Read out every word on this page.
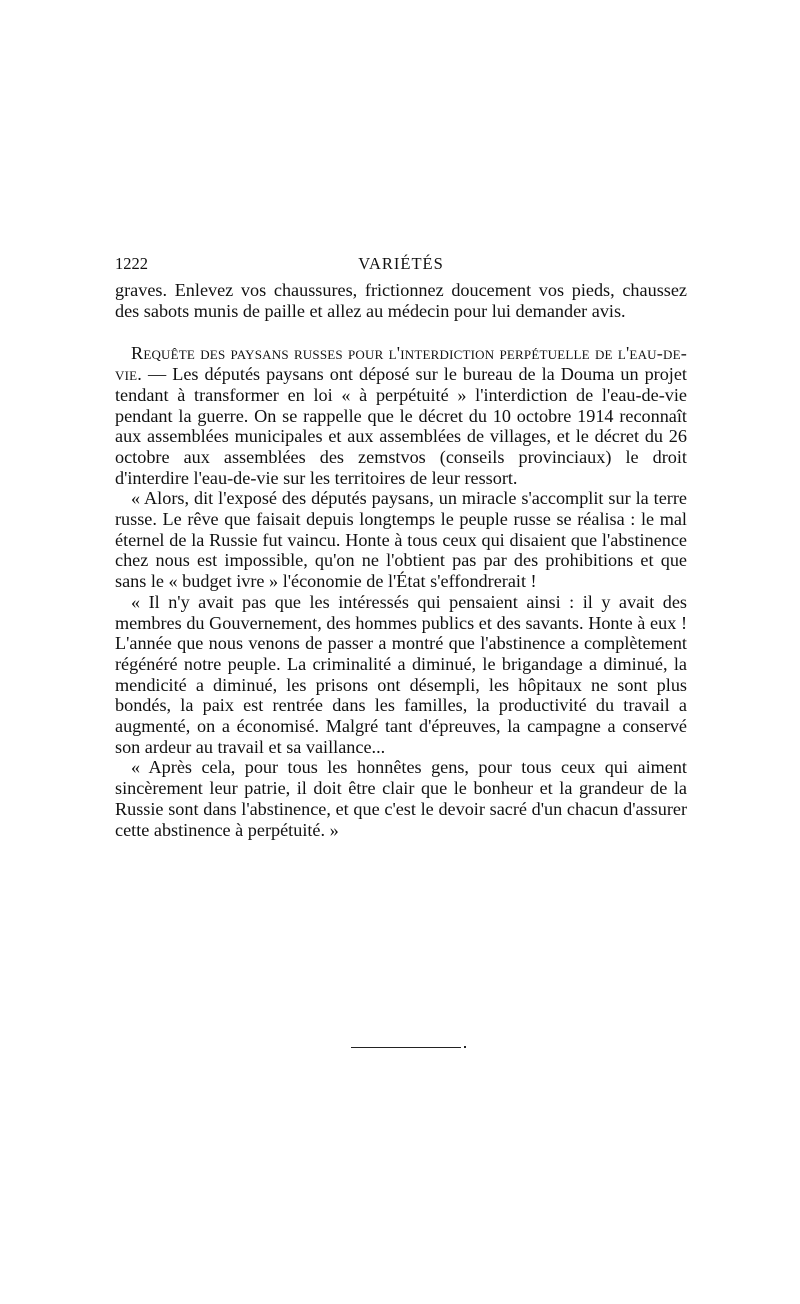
1222	VARIÉTÉS

graves. Enlevez vos chaussures, frictionnez doucement vos pieds, chaussez des sabots munis de paille et allez au médecin pour lui demander avis.

Requête des paysans russes pour l'interdiction perpétuelle de l'eau-de-vie. — Les députés paysans ont déposé sur le bureau de la Douma un projet tendant à transformer en loi « à perpétuité » l'interdiction de l'eau-de-vie pendant la guerre. On se rappelle que le décret du 10 octobre 1914 reconnaît aux assemblées municipales et aux assemblées de villages, et le décret du 26 octobre aux assemblées des zemstvos (conseils provinciaux) le droit d'interdire l'eau-de-vie sur les territoires de leur ressort.

« Alors, dit l'exposé des députés paysans, un miracle s'accomplit sur la terre russe. Le rêve que faisait depuis longtemps le peuple russe se réalisa : le mal éternel de la Russie fut vaincu. Honte à tous ceux qui disaient que l'abstinence chez nous est impossible, qu'on ne l'obtient pas par des prohibitions et que sans le « budget ivre » l'économie de l'État s'effondrerait !

« Il n'y avait pas que les intéressés qui pensaient ainsi : il y avait des membres du Gouvernement, des hommes publics et des savants. Honte à eux ! L'année que nous venons de passer a montré que l'abstinence a complètement régénéré notre peuple. La criminalité a diminué, le brigandage a diminué, la mendicité a diminué, les prisons ont désempli, les hôpitaux ne sont plus bondés, la paix est rentrée dans les familles, la productivité du travail a augmenté, on a économisé. Malgré tant d'épreuves, la campagne a conservé son ardeur au travail et sa vaillance...

« Après cela, pour tous les honnêtes gens, pour tous ceux qui aiment sincèrement leur patrie, il doit être clair que le bonheur et la grandeur de la Russie sont dans l'abstinence, et que c'est le devoir sacré d'un chacun d'assurer cette abstinence à perpétuité. »
